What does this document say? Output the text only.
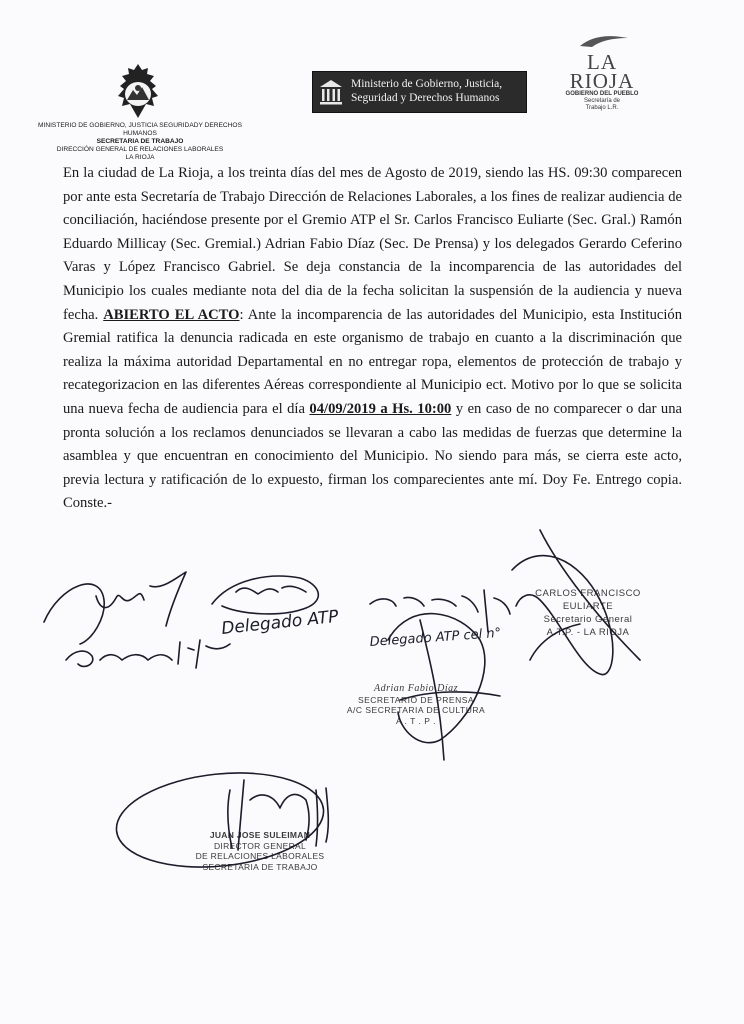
MINISTERIO DE GOBIERNO, JUSTICIA SEGURIDADY DERECHOS HUMANOS
SECRETARIA DE TRABAJO
DIRECCIÓN GENERAL DE RELACIONES LABORALES
LA RIOJA
Ministerio de Gobierno, Justicia,
Seguridad y Derechos Humanos
LA
RIOJA
GOBIERNO DEL PUEBLO
Secretaría de
Trabajo L.R.
En la ciudad de La Rioja, a los treinta días del mes de Agosto de 2019, siendo las HS. 09:30 comparecen por ante esta Secretaría de Trabajo Dirección de Relaciones Laborales, a los fines de realizar audiencia de conciliación, haciéndose presente por el Gremio ATP el Sr. Carlos Francisco Euliarte (Sec. Gral.) Ramón Eduardo Millicay (Sec. Gremial.) Adrian Fabio Díaz (Sec. De Prensa) y los delegados Gerardo Ceferino Varas y López Francisco Gabriel. Se deja constancia de la incomparencia de las autoridades del Municipio los cuales mediante nota del dia de la fecha solicitan la suspensión de la audiencia y nueva fecha. ABIERTO EL ACTO: Ante la incomparencia de las autoridades del Municipio, esta Institución Gremial ratifica la denuncia radicada en este organismo de trabajo en cuanto a la discriminación que realiza la máxima autoridad Departamental en no entregar ropa, elementos de protección de trabajo y recategorizacion en las diferentes Aéreas correspondiente al Municipio ect. Motivo por lo que se solicita una nueva fecha de audiencia para el día 04/09/2019 a Hs. 10:00 y en caso de no comparecer o dar una pronta solución a los reclamos denunciados se llevaran a cabo las medidas de fuerzas que determine la asamblea y que encuentran en conocimiento del Municipio. No siendo para más, se cierra este acto, previa lectura y ratificación de lo expuesto, firman los comparecientes ante mí. Doy Fe. Entrego copia. Conste.-
CARLOS FRANCISCO EULIARTE
Secretario General
A.T.P. - LA RIOJA
Adrian Fabio Díaz
SECRETARIO DE PRENSA
A/C SECRETARIA DE CULTURA
A . T . P .
JUAN JOSE SULEIMAN
DIRECTOR GENERAL
DE RELACIONES LABORALES
SECRETARIA DE TRABAJO
Delegado ATP Delegado ATP cel n°
